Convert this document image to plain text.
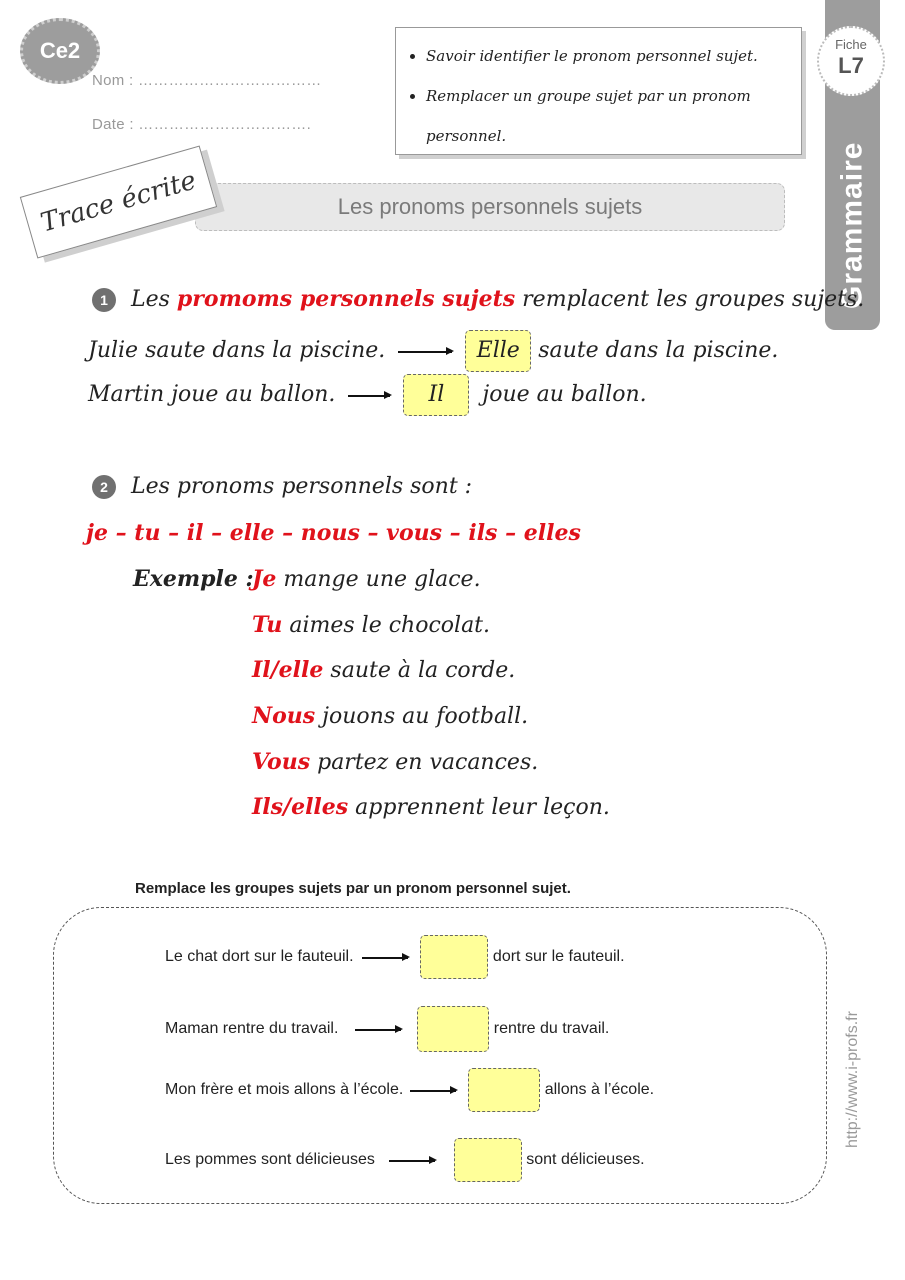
Ce2
Nom : ………………………………
Date : …………………………….
• Savoir identifier le pronom personnel sujet.
• Remplacer un groupe sujet par un pronom personnel.
Grammaire
Fiche
L7
Les pronoms personnels sujets
Trace écrite
1 Les promoms personnels sujets remplacent les groupes sujets.
Julie saute dans la piscine.	Elle saute dans la piscine.
Martin joue au ballon.	Il joue au ballon.
2 Les pronoms personnels sont :
je – tu – il – elle – nous – vous – ils – elles
Exemple :
Je mange une glace.
Tu aimes le chocolat.
Il/elle saute à la corde.
Nous jouons au football.
Vous partez en vacances.
Ils/elles apprennent leur leçon.
Remplace les groupes sujets par un pronom personnel sujet.
Le chat dort sur le fauteuil.	dort sur le fauteuil.
Maman rentre du travail.	rentre du travail.
Mon frère et mois allons à l’école.	allons à l’école.
Les pommes sont délicieuses	sont délicieuses.
http://www.i-profs.fr
